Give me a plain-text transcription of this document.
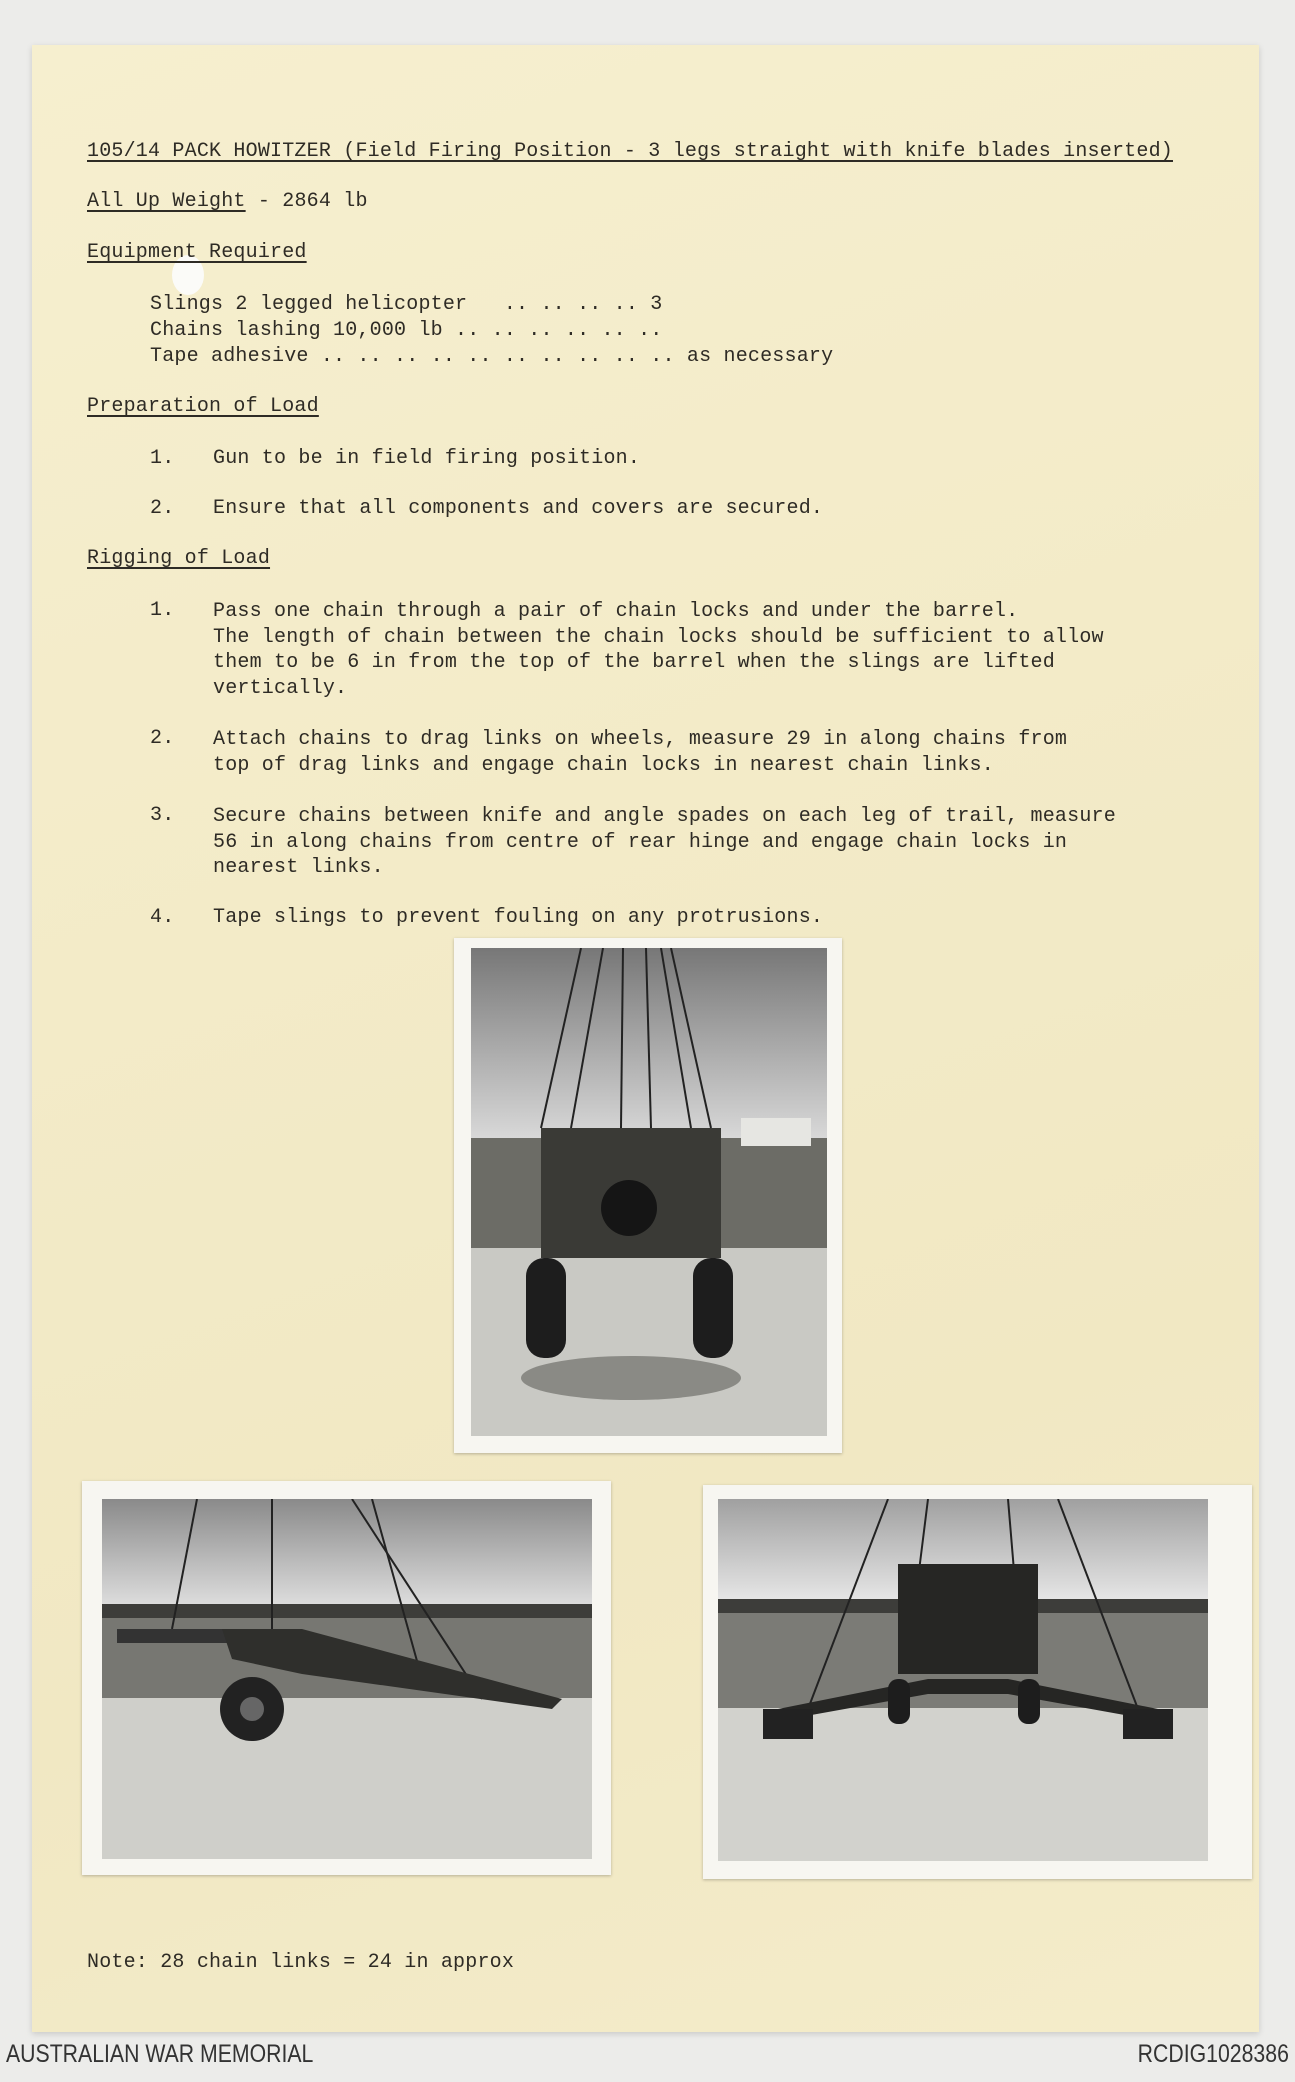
105/14 PACK HOWITZER (Field Firing Position - 3 legs straight with knife blades inserted)
All Up Weight - 2864 lb
Equipment Required
Slings 2 legged helicopter   .. .. .. .. 3
Chains lashing 10,000 lb .. .. .. .. .. ..
Tape adhesive .. .. .. .. .. .. .. .. .. .. as necessary
Preparation of Load
1. Gun to be in field firing position.
2. Ensure that all components and covers are secured.
Rigging of Load
1. Pass one chain through a pair of chain locks and under the barrel.
The length of chain between the chain locks should be sufficient to allow
them to be 6 in from the top of the barrel when the slings are lifted
vertically.
2. Attach chains to drag links on wheels, measure 29 in along chains from
top of drag links and engage chain locks in nearest chain links.
3. Secure chains between knife and angle spades on each leg of trail, measure
56 in along chains from centre of rear hinge and engage chain locks in
nearest links.
4. Tape slings to prevent fouling on any protrusions.
Note: 28 chain links = 24 in approx
AUSTRALIAN WAR MEMORIAL	RCDIG1028386
